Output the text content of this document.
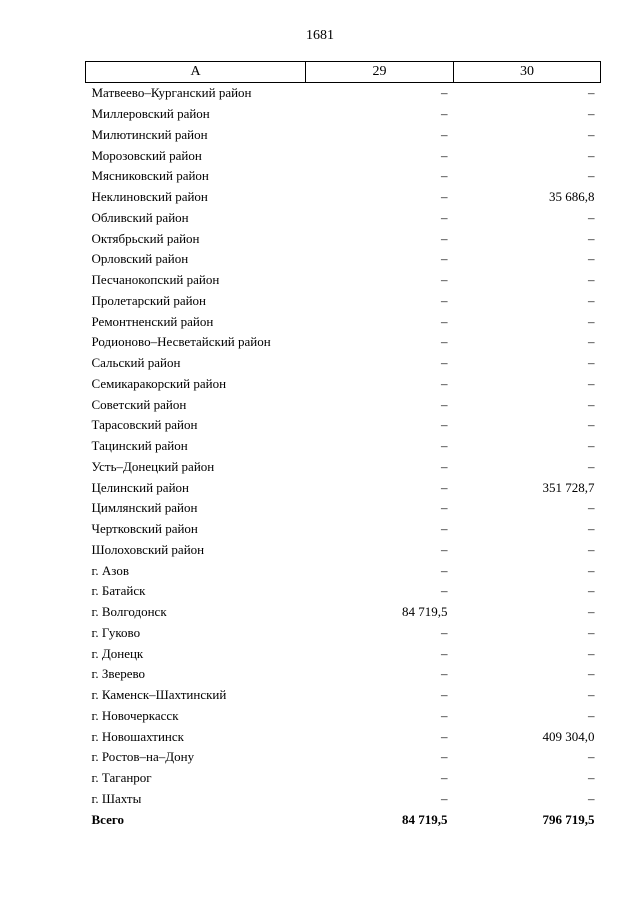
1681
А	29	30
Матвеево–Курганский район	–	–
Миллеровский район	–	–
Милютинский район	–	–
Морозовский район	–	–
Мясниковский район	–	–
Неклиновский район	–	35 686,8
Обливский район	–	–
Октябрьский район	–	–
Орловский район	–	–
Песчанокопский район	–	–
Пролетарский район	–	–
Ремонтненский район	–	–
Родионово–Несветайский район	–	–
Сальский район	–	–
Семикаракорский район	–	–
Советский район	–	–
Тарасовский район	–	–
Тацинский район	–	–
Усть–Донецкий район	–	–
Целинский район	–	351 728,7
Цимлянский район	–	–
Чертковский район	–	–
Шолоховский район	–	–
г. Азов	–	–
г. Батайск	–	–
г. Волгодонск	84 719,5	–
г. Гуково	–	–
г. Донецк	–	–
г. Зверево	–	–
г. Каменск–Шахтинский	–	–
г. Новочеркасск	–	–
г. Новошахтинск	–	409 304,0
г. Ростов–на–Дону	–	–
г. Таганрог	–	–
г. Шахты	–	–
Всего	84 719,5	796 719,5
